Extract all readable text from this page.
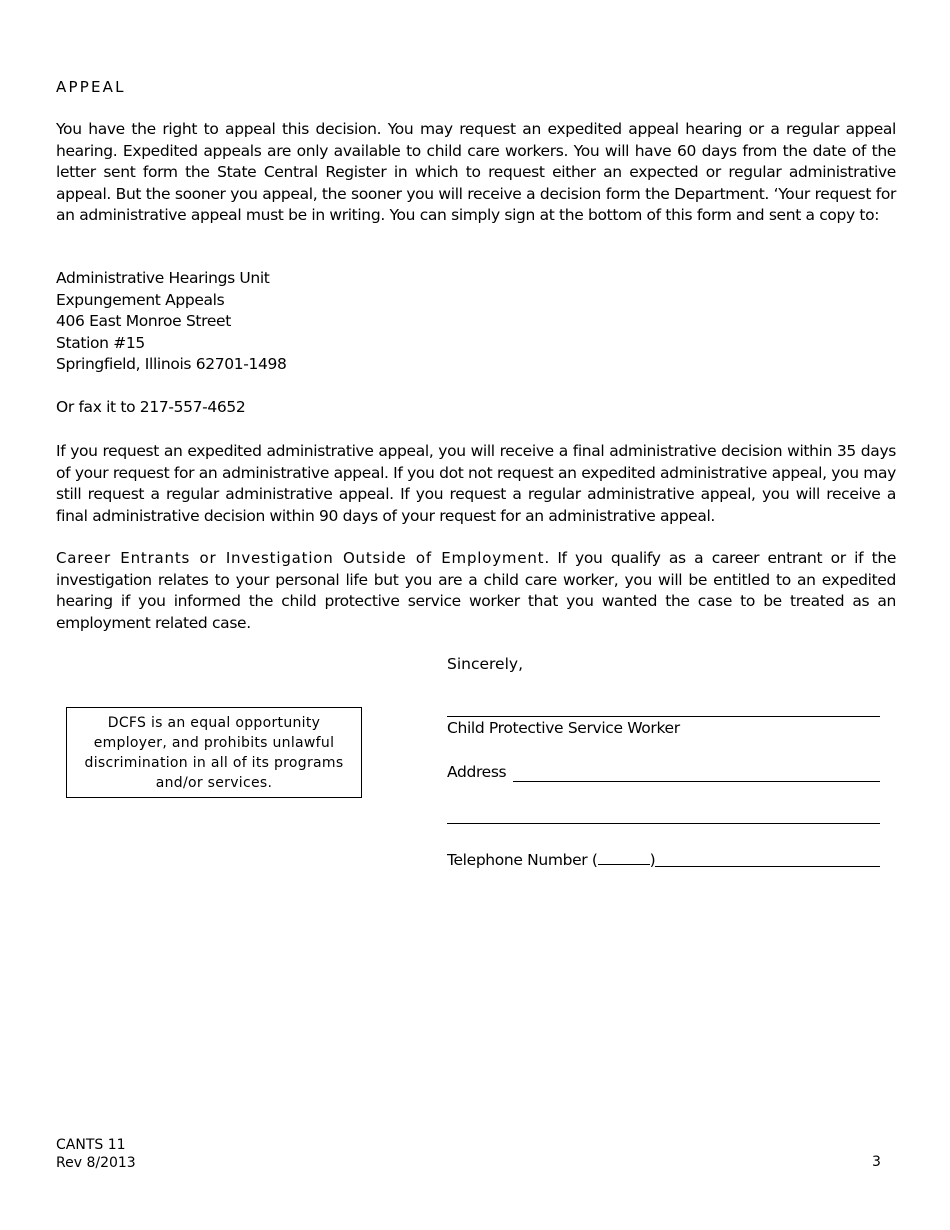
APPEAL

You have the right to appeal this decision. You may request an expedited appeal hearing or a regular appeal hearing. Expedited appeals are only available to child care workers. You will have 60 days from the date of the letter sent form the State Central Register in which to request either an expected or regular administrative appeal. But the sooner you appeal, the sooner you will receive a decision form the Department. ‘Your request for an administrative appeal must be in writing. You can simply sign at the bottom of this form and sent a copy to:

Administrative Hearings Unit
Expungement Appeals
406 East Monroe Street
Station #15
Springfield, Illinois 62701-1498
Or fax it to 217-557-4652

If you request an expedited administrative appeal, you will receive a final administrative decision within 35 days of your request for an administrative appeal. If you dot not request an expedited administrative appeal, you may still request a regular administrative appeal. If you request a regular administrative appeal, you will receive a final administrative decision within 90 days of your request for an administrative appeal.

Career Entrants or Investigation Outside of Employment. If you qualify as a career entrant or if the investigation relates to your personal life but you are a child care worker, you will be entitled to an expedited hearing if you informed the child protective service worker that you wanted the case to be treated as an employment related case.

Sincerely,
Child Protective Service Worker
Address
Telephone Number (	)
DCFS is an equal opportunity employer, and prohibits unlawful discrimination in all of its programs and/or services.
CANTS 11
Rev 8/2013	3
